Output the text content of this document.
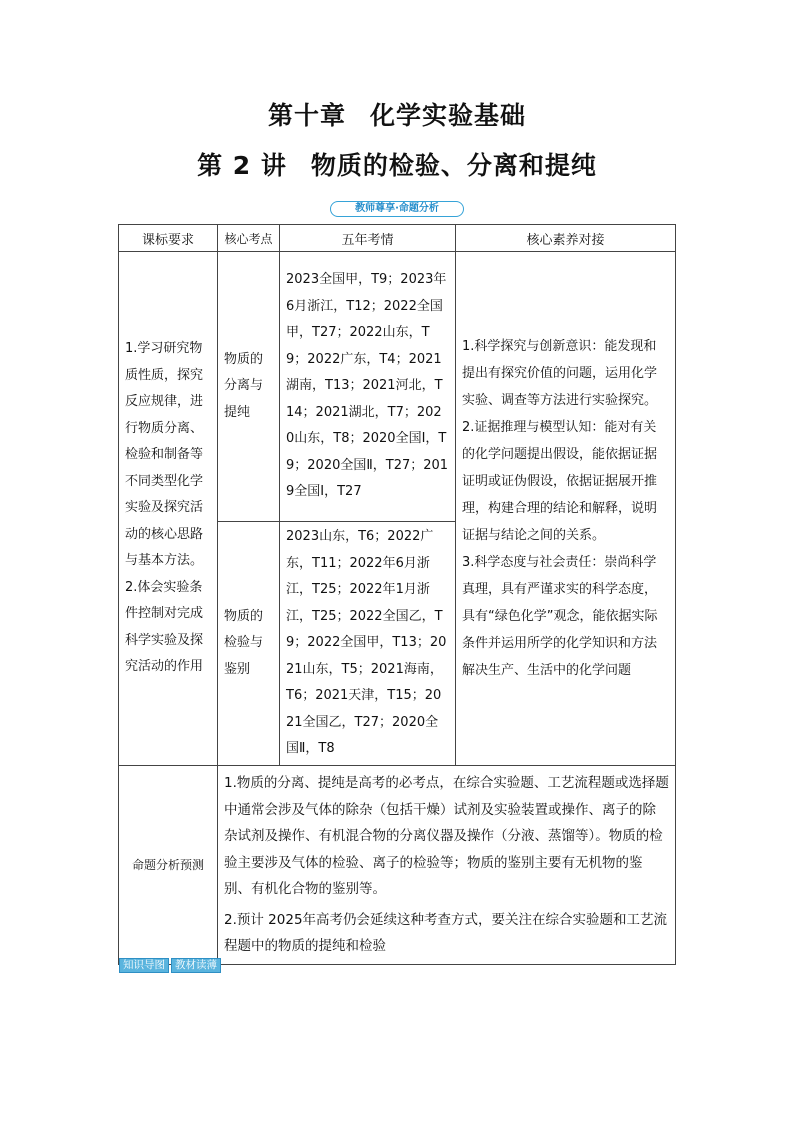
第十章 化学实验基础
第 2 讲 物质的检验、分离和提纯
教师尊享·命题分析
课标要求	核心考点	五年考情	核心素养对接

1.学习研究物质性质，探究反应规律，进行物质分离、检验和制备等不同类型化学实验及探究活动的核心思路与基本方法。2.体会实验条件控制对完成科学实验及探究活动的作用	物质的分离与提纯	2023全国甲，T9；2023年6月浙江，T12；2022全国甲，T27；2022山东，T9；2022广东，T4；2021湖南，T13；2021河北，T14；2021湖北，T7；2020山东，T8；2020全国Ⅰ，T9；2020全国Ⅱ，T27；2019全国Ⅰ，T27	1.科学探究与创新意识：能发现和提出有探究价值的问题，运用化学实验、调查等方法进行实验探究。
2.证据推理与模型认知：能对有关的化学问题提出假设，能依据证据证明或证伪假设，依据证据展开推理，构建合理的结论和解释，说明证据与结论之间的关系。
3.科学态度与社会责任：崇尚科学真理，具有严谨求实的科学态度，具有“绿色化学”观念，能依据实际条件并运用所学的化学知识和方法解决生产、生活中的化学问题

	物质的检验与鉴别	2023山东，T6；2022广东，T11；2022年6月浙江，T25；2022年1月浙江，T25；2022全国乙，T9；2022全国甲，T13；2021山东，T5；2021海南，T6；2021天津，T15；2021全国乙，T27；2020全国Ⅱ，T8	

命题分析预测	1.物质的分离、提纯是高考的必考点，在综合实验题、工艺流程题或选择题中通常会涉及气体的除杂（包括干燥）试剂及实验装置或操作、离子的除杂试剂及操作、有机混合物的分离仪器及操作（分液、蒸馏等）。物质的检验主要涉及气体的检验、离子的检验等；物质的鉴别主要有无机物的鉴别、有机化合物的鉴别等。
2.预计 2025年高考仍会延续这种考查方式，要关注在综合实验题和工艺流程题中的物质的提纯和检验		
知识导图 教材读薄
